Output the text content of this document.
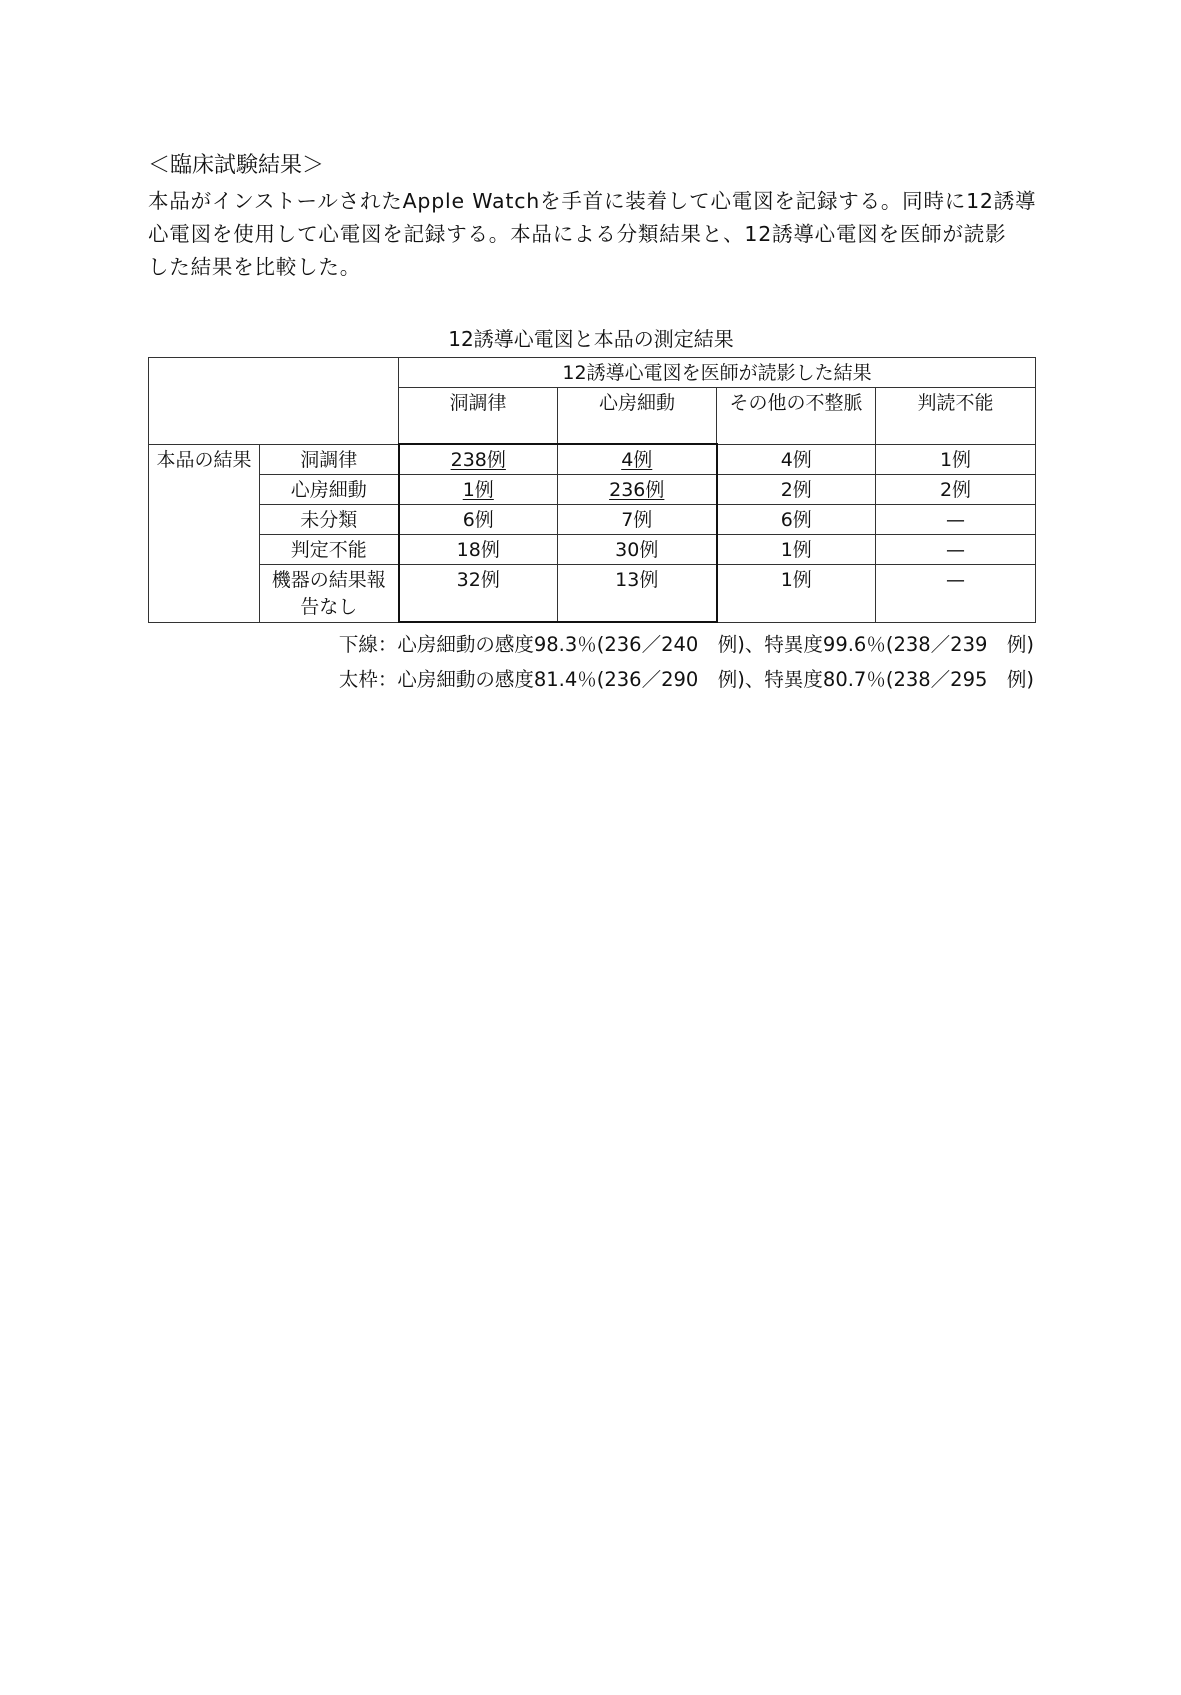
＜臨床試験結果＞
本品がインストールされたApple Watchを手首に装着して心電図を記録する。同時に12誘導
心電図を使用して心電図を記録する。本品による分類結果と、12誘導心電図を医師が読影
した結果を比較した。
12誘導心電図と本品の測定結果
		12誘導心電図を医師が読影した結果			
		洞調律	心房細動	その他の不整脈	判読不能
本品の結果	洞調律	238例	4例	4例	1例
	心房細動	1例	236例	2例	2例
	未分類	6例	7例	6例	—
	判定不能	18例	30例	1例	—
	機器の結果報告なし	32例	13例	1例	—
下線：心房細動の感度98.3％(236／240　例)、特異度99.6％(238／239　例)
太枠：心房細動の感度81.4％(236／290　例)、特異度80.7％(238／295　例)
